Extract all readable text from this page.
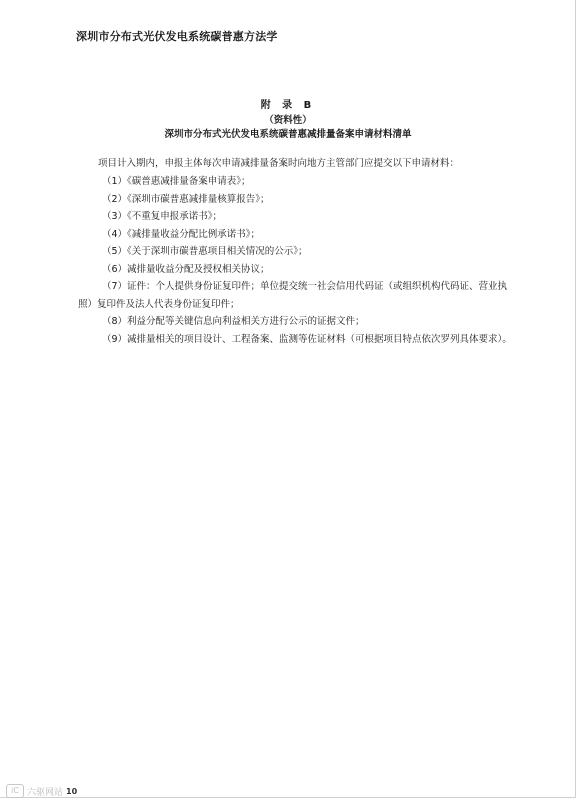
深圳市分布式光伏发电系统碳普惠方法学
附 录 B
（资料性）
深圳市分布式光伏发电系统碳普惠减排量备案申请材料清单
项目计入期内，申报主体每次申请减排量备案时向地方主管部门应提交以下申请材料：
（1）《碳普惠减排量备案申请表》；
（2）《深圳市碳普惠减排量核算报告》；
（3）《不重复申报承诺书》；
（4）《减排量收益分配比例承诺书》；
（5）《关于深圳市碳普惠项目相关情况的公示》；
（6）减排量收益分配及授权相关协议；
（7）证件：个人提供身份证复印件；单位提交统一社会信用代码证（或组织机构代码证、营业执照）复印件及法人代表身份证复印件；
（8）利益分配等关键信息向利益相关方进行公示的证据文件；
（9）减排量相关的项目设计、工程备案、监测等佐证材料（可根据项目特点依次罗列具体要求）。
iC 六驱网站 10
